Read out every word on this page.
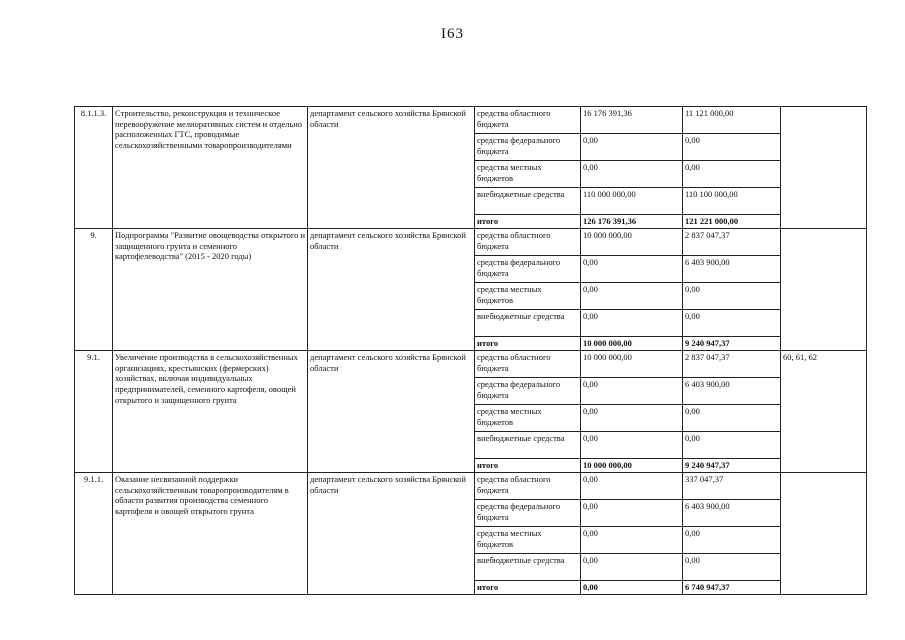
I63
8.1.1.3.	Строительство, реконструкция и техническое перевооружение мелиоративных систем и отдельно расположенных ГТС, проводимые сельскохозяйственными товаропроизводителями	департамент сельского хозяйства Брянской области	средства областного бюджета	16 176 391,36	11 121 000,00	
			средства федерального бюджета	0,00	0,00	
			средства местных бюджетов	0,00	0,00	
			внебюджетные средства	110 000 000,00	110 100 000,00	
			итого	126 176 391,36	121 221 000,00	
9.	Подпрограмма "Развитие овощеводства открытого и защищенного грунта и семенного картофелеводства" (2015 - 2020 годы)	департамент сельского хозяйства Брянской области	средства областного бюджета	10 000 000,00	2 837 047,37	
			средства федерального бюджета	0,00	6 403 900,00	
			средства местных бюджетов	0,00	0,00	
			внебюджетные средства	0,00	0,00	
			итого	10 000 000,00	9 240 947,37	
9.1.	Увеличение производства в сельскохозяйственных организациях, крестьянских (фермерских) хозяйствах, включая индивидуальных предпринимателей, семенного картофеля, овощей открытого и защищенного грунта	департамент сельского хозяйства Брянской области	средства областного бюджета	10 000 000,00	2 837 047,37	60, 61, 62
			средства федерального бюджета	0,00	6 403 900,00	
			средства местных бюджетов	0,00	0,00	
			внебюджетные средства	0,00	0,00	
			итого	10 000 000,00	9 240 947,37	
9.1.1.	Оказание несвязанной поддержки сельскохозяйственным товаропроизводителям в области развития производства семенного картофеля и овощей открытого грунта	департамент сельского хозяйства Брянской области	средства областного бюджета	0,00	337 047,37	
			средства федерального бюджета	0,00	6 403 900,00	
			средства местных бюджетов	0,00	0,00	
			внебюджетные средства	0,00	0,00	
			итого	0,00	6 740 947,37	
